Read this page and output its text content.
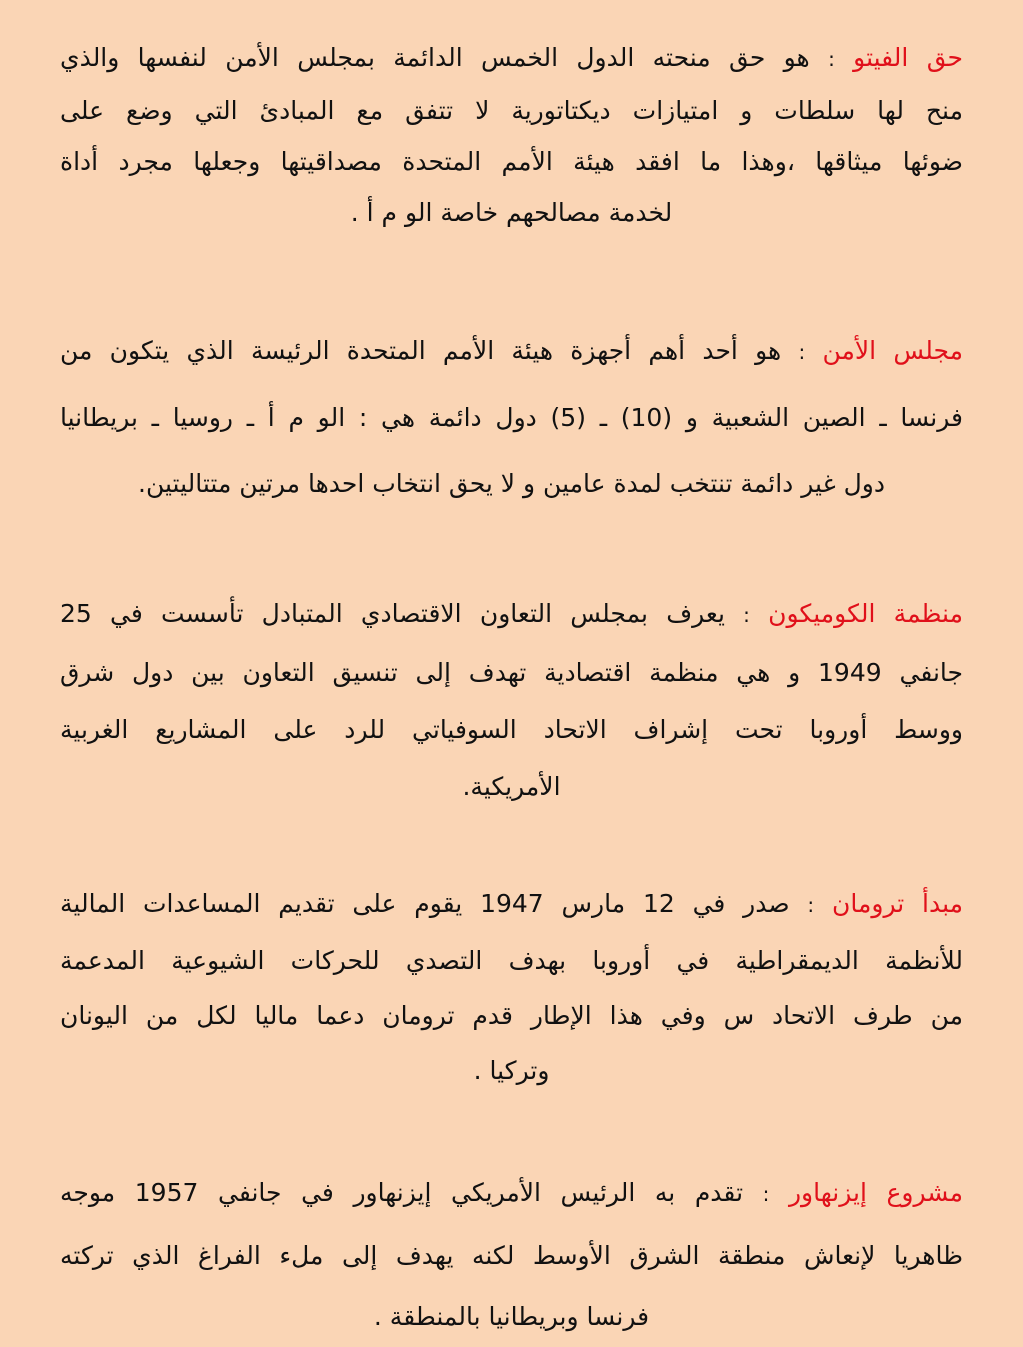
حق الفيتو : هو حق منحته الدول الخمس الدائمة بمجلس الأمن لنفسها والذي
منح لها سلطات و امتيازات ديكتاتورية لا تتفق مع المبادئ التي وضع على
ضوئها ميثاقها ،وهذا ما افقد هيئة الأمم المتحدة مصداقيتها وجعلها مجرد أداة
لخدمة مصالحهم خاصة الو م أ .
مجلس الأمن : هو أحد أهم أجهزة هيئة الأمم المتحدة الرئيسة الذي يتكون من
فرنسا ـ الصين الشعبية و (10) ـ (5) دول دائمة هي : الو م أ ـ روسيا ـ بريطانيا
دول غير دائمة تنتخب لمدة عامين و لا يحق انتخاب احدها مرتين متتاليتين.
منظمة الكوميكون : يعرف بمجلس التعاون الاقتصادي المتبادل تأسست في 25
جانفي 1949 و هي منظمة اقتصادية تهدف إلى تنسيق التعاون بين دول شرق
ووسط أوروبا تحت إشراف الاتحاد السوفياتي للرد على المشاريع الغربية
الأمريكية.
مبدأ ترومان : صدر في 12 مارس 1947 يقوم على تقديم المساعدات المالية
للأنظمة الديمقراطية في أوروبا بهدف التصدي للحركات الشيوعية المدعمة
من طرف الاتحاد س وفي هذا الإطار قدم ترومان دعما ماليا لكل من اليونان
وتركيا .
مشروع إيزنهاور : تقدم به الرئيس الأمريكي إيزنهاور في جانفي 1957 موجه
ظاهريا لإنعاش منطقة الشرق الأوسط لكنه يهدف إلى ملء الفراغ الذي تركته
فرنسا وبريطانيا بالمنطقة .
